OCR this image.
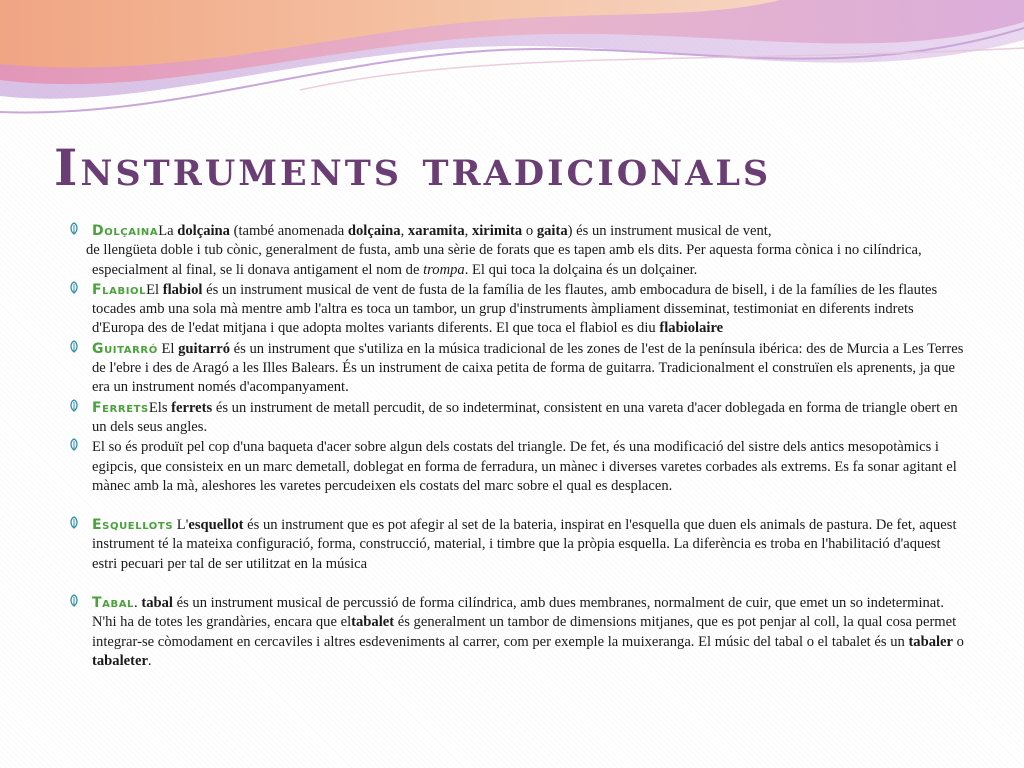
Instruments tradicionals
DolçainaLa dolçaina (també anomenada dolçaina, xaramita, xirimita o gaita) és un instrument musical de vent,
de llengüeta doble i tub cònic, generalment de fusta, amb una sèrie de forats que es tapen amb els dits. Per aquesta forma cònica i no cilíndrica, especialment al final, se li donava antigament el nom de trompa. El qui toca la dolçaina és un dolçainer.
FlabiolEl flabiol és un instrument musical de vent de fusta de la família de les flautes, amb embocadura de bisell, i de la famílies de les flautes tocades amb una sola mà mentre amb l'altra es toca un tambor, un grup d'instruments àmpliament disseminat, testimoniat en diferents indrets d'Europa des de l'edat mitjana i que adopta moltes variants diferents. El que toca el flabiol es diu flabiolaire
Guitarró El guitarró és un instrument que s'utiliza en la música tradicional de les zones de l'est de la península ibérica: des de Murcia a Les Terres de l'ebre i des de Aragó a les Illes Balears. És un instrument de caixa petita de forma de guitarra. Tradicionalment el construïen els aprenents, ja que era un instrument només d'acompanyament.
FerretsEls ferrets és un instrument de metall percudit, de so indeterminat, consistent en una vareta d'acer doblegada en forma de triangle obert en un dels seus angles.
El so és produït pel cop d'una baqueta d'acer sobre algun dels costats del triangle. De fet, és una modificació del sistre dels antics mesopotàmics i egipcis, que consisteix en un marc demetall, doblegat en forma de ferradura, un mànec i diverses varetes corbades als extrems. Es fa sonar agitant el mànec amb la mà, aleshores les varetes percudeixen els costats del marc sobre el qual es desplacen.
Esquellots L'esquellot és un instrument que es pot afegir al set de la bateria, inspirat en l'esquella que duen els animals de pastura. De fet, aquest instrument té la mateixa configuració, forma, construcció, material, i timbre que la pròpia esquella. La diferència es troba en l'habilitació d'aquest estri pecuari per tal de ser utilitzat en la música
Tabal. tabal és un instrument musical de percussió de forma cilíndrica, amb dues membranes, normalment de cuir, que emet un so indeterminat. N'hi ha de totes les grandàries, encara que eltabalet és generalment un tambor de dimensions mitjanes, que es pot penjar al coll, la qual cosa permet integrar-se còmodament en cercaviles i altres esdeveniments al carrer, com per exemple la muixeranga. El músic del tabal o el tabalet és un tabaler o tabaleter.
